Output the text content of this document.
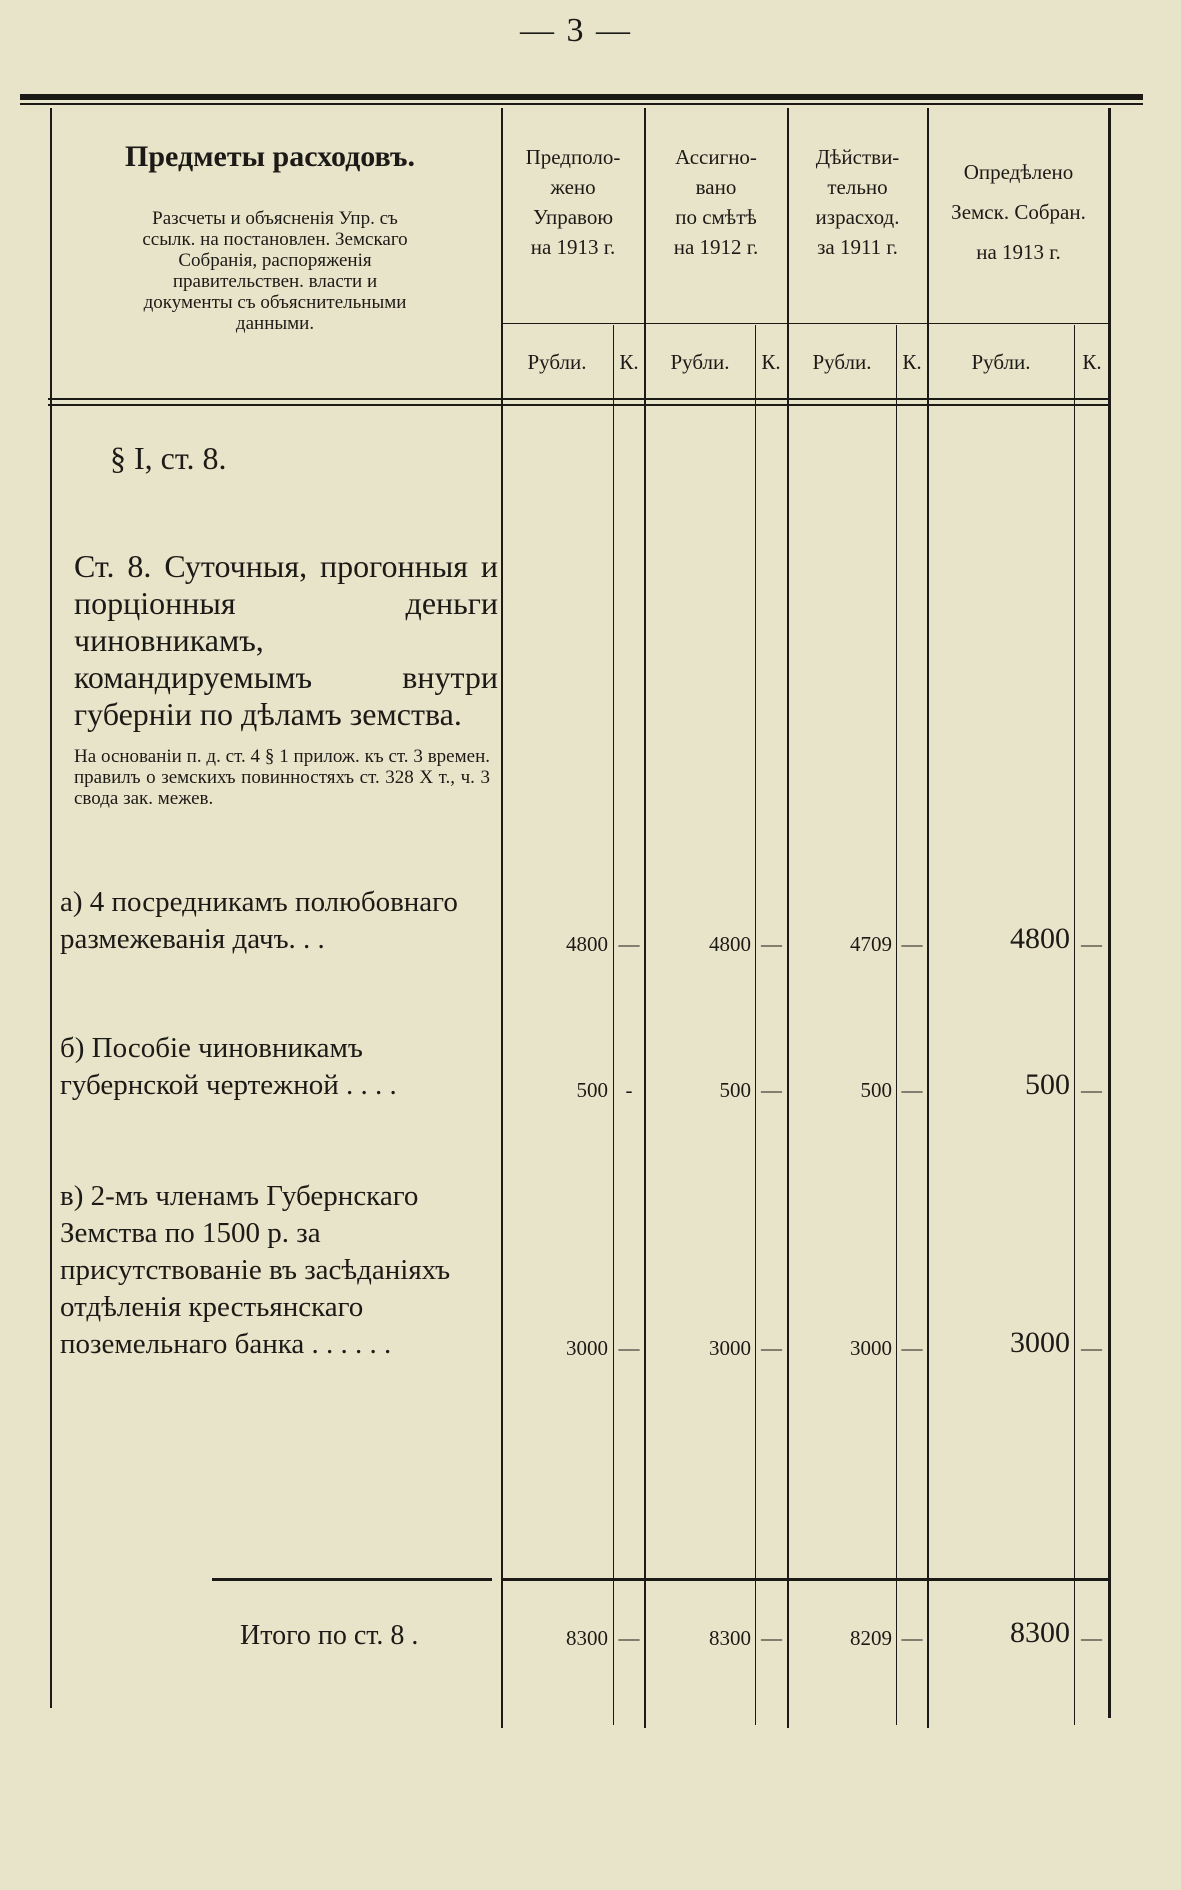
— 3 —
Предметы расходовъ.
Разсчеты и объясненія Упр. съ ссылк. на постановлен. Земскаго Собранія, распоряженія правительствен. власти и документы съ объяснительными данными.
Предполо-
жено
Управою
на 1913 г.
Ассигно-
вано
по смѣтѣ
на 1912 г.
Дѣйстви-
тельно
израсход.
за 1911 г.
Опредѣлено
Земск. Собран.
на 1913 г.
Рубли.	К.	Рубли.	К.	Рубли.	К.	Рубли.	К.
§ I, ст. 8.
Ст. 8. Суточныя, прогонныя и порціонныя деньги чиновникамъ, командируемымъ внутри губерніи по дѣламъ земства.
На основаніи п. д. ст. 4 § 1 прилож. къ ст. 3 времен. правилъ о земскихъ повинностяхъ ст. 328 X т., ч. 3 свода зак. межев.
а) 4 посредникамъ полюбовнаго размежеванія дачъ. . .	4800 —	4800 —	4709 —	4800 —
б) Пособіе чиновникамъ губернской чертежной . . . .	500 -	500 —	500 —	500 —
в) 2-мъ членамъ Губернскаго Земства по 1500 р. за присутствованіе въ засѣданіяхъ отдѣленія крестьянскаго поземельнаго банка . . . . . .	3000 —	3000 —	3000 —	3000 —
Итого по ст. 8 .	8300 —	8300 —	8209 —	8300 —
